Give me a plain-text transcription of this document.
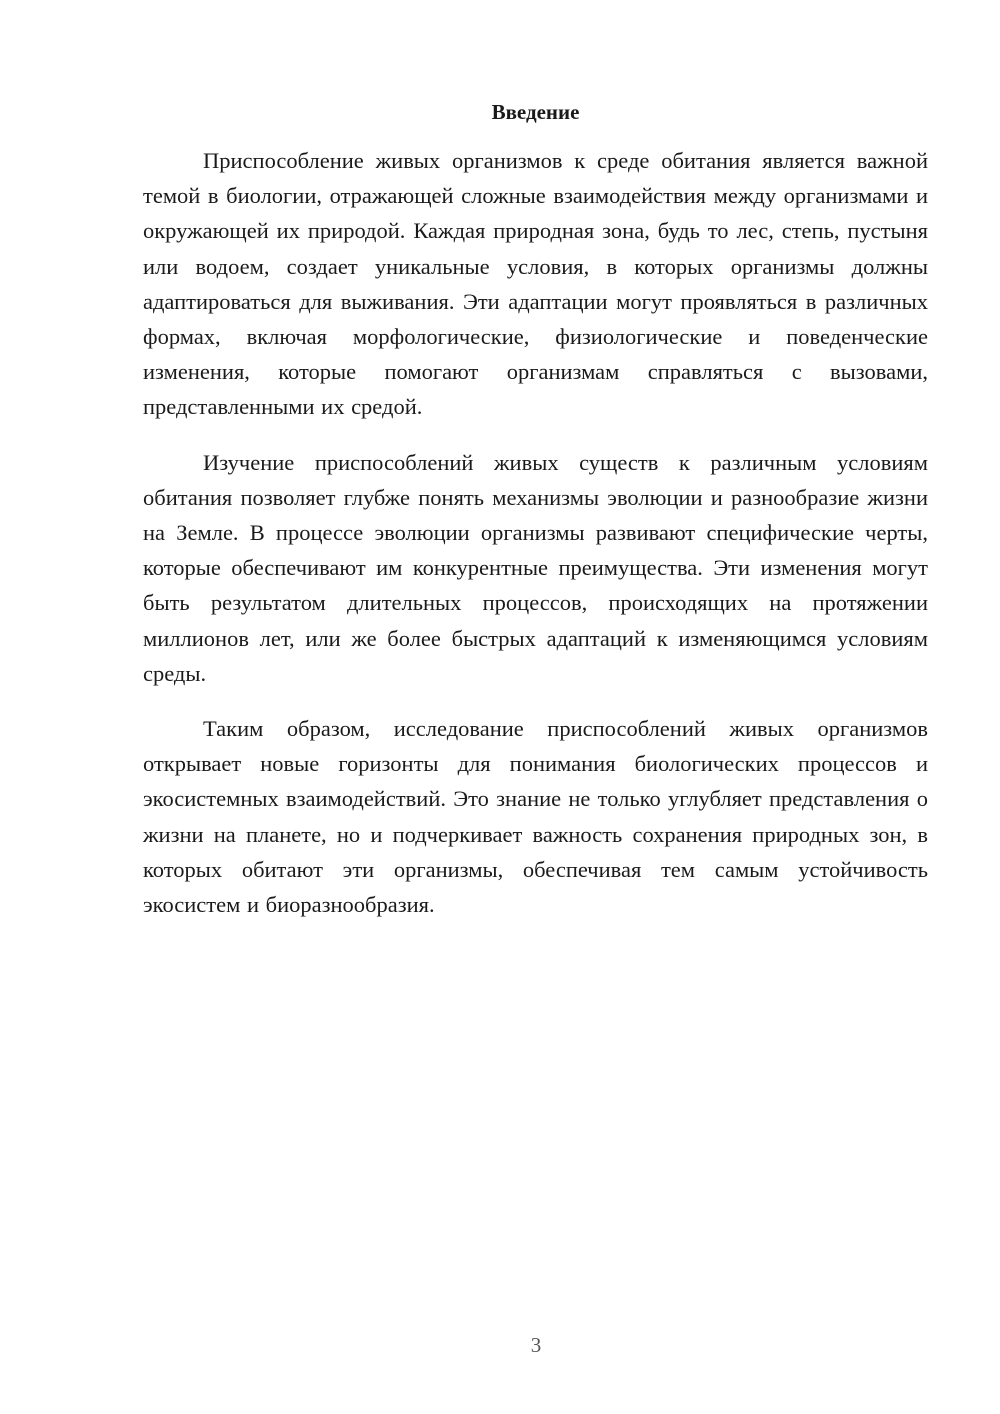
Введение

Приспособление живых организмов к среде обитания является важной темой в биологии, отражающей сложные взаимодействия между организмами и окружающей их природой. Каждая природная зона, будь то лес, степь, пустыня или водоем, создает уникальные условия, в которых организмы должны адаптироваться для выживания. Эти адаптации могут проявляться в различных формах, включая морфологические, физиологические и поведенческие изменения, которые помогают организмам справляться с вызовами, представленными их средой.

Изучение приспособлений живых существ к различным условиям обитания позволяет глубже понять механизмы эволюции и разнообразие жизни на Земле. В процессе эволюции организмы развивают специфические черты, которые обеспечивают им конкурентные преимущества. Эти изменения могут быть результатом длительных процессов, происходящих на протяжении миллионов лет, или же более быстрых адаптаций к изменяющимся условиям среды.

Таким образом, исследование приспособлений живых организмов открывает новые горизонты для понимания биологических процессов и экосистемных взаимодействий. Это знание не только углубляет представления о жизни на планете, но и подчеркивает важность сохранения природных зон, в которых обитают эти организмы, обеспечивая тем самым устойчивость экосистем и биоразнообразия.

3
